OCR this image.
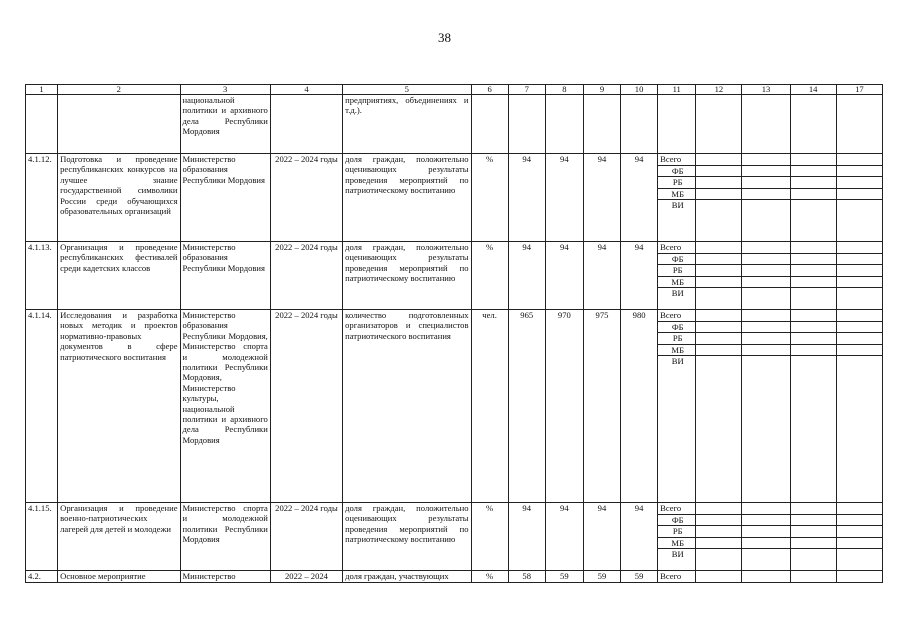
38
1	2	3	4	5	6	7	8	9	10	11	12	13	14	17
		национальной политики и архивного дела Республики Мордовия		предприятиях, объединениях и т.д.).										
4.1.12.	Подготовка и проведение республиканских конкурсов на лучшее знание государственной символики России среди обучающихся образовательных организаций	Министерство образования Республики Мордовия	2022 – 2024 годы	доля граждан, положительно оценивающих результаты проведения мероприятий по патриотическому воспитанию	%	94	94	94	94	Всего
ФБ
РБ
МБ
ВИ				

4.1.13.	Организация и проведение республиканских фестивалей среди кадетских классов	Министерство образования Республики Мордовия	2022 – 2024 годы	доля граждан, положительно оценивающих результаты проведения мероприятий по патриотическому воспитанию	%	94	94	94	94	Всего
ФБ
РБ
МБ
ВИ				

4.1.14.	Исследования и разработка новых методик и проектов нормативно-правовых документов в сфере патриотического воспитания	Министерство образования Республики Мордовия, Министерство спорта и молодежной политики Республики Мордовия, Министерство культуры, национальной политики и архивного дела Республики Мордовия	2022 – 2024 годы	количество подготовленных организаторов и специалистов патриотического воспитания	чел.	965	970	975	980	Всего
ФБ
РБ
МБ
ВИ				

4.1.15.	Организация и проведение военно-патриотических лагерей для детей и молодежи	Министерство спорта и молодежной политики Республики Мордовия	2022 – 2024 годы	доля граждан, положительно оценивающих результаты проведения мероприятий по патриотическому воспитанию	%	94	94	94	94	Всего
ФБ
РБ
МБ
ВИ				

4.2.	Основное мероприятие	Министерство	2022 – 2024	доля граждан, участвующих	%	58	59	59	59	Всего				
